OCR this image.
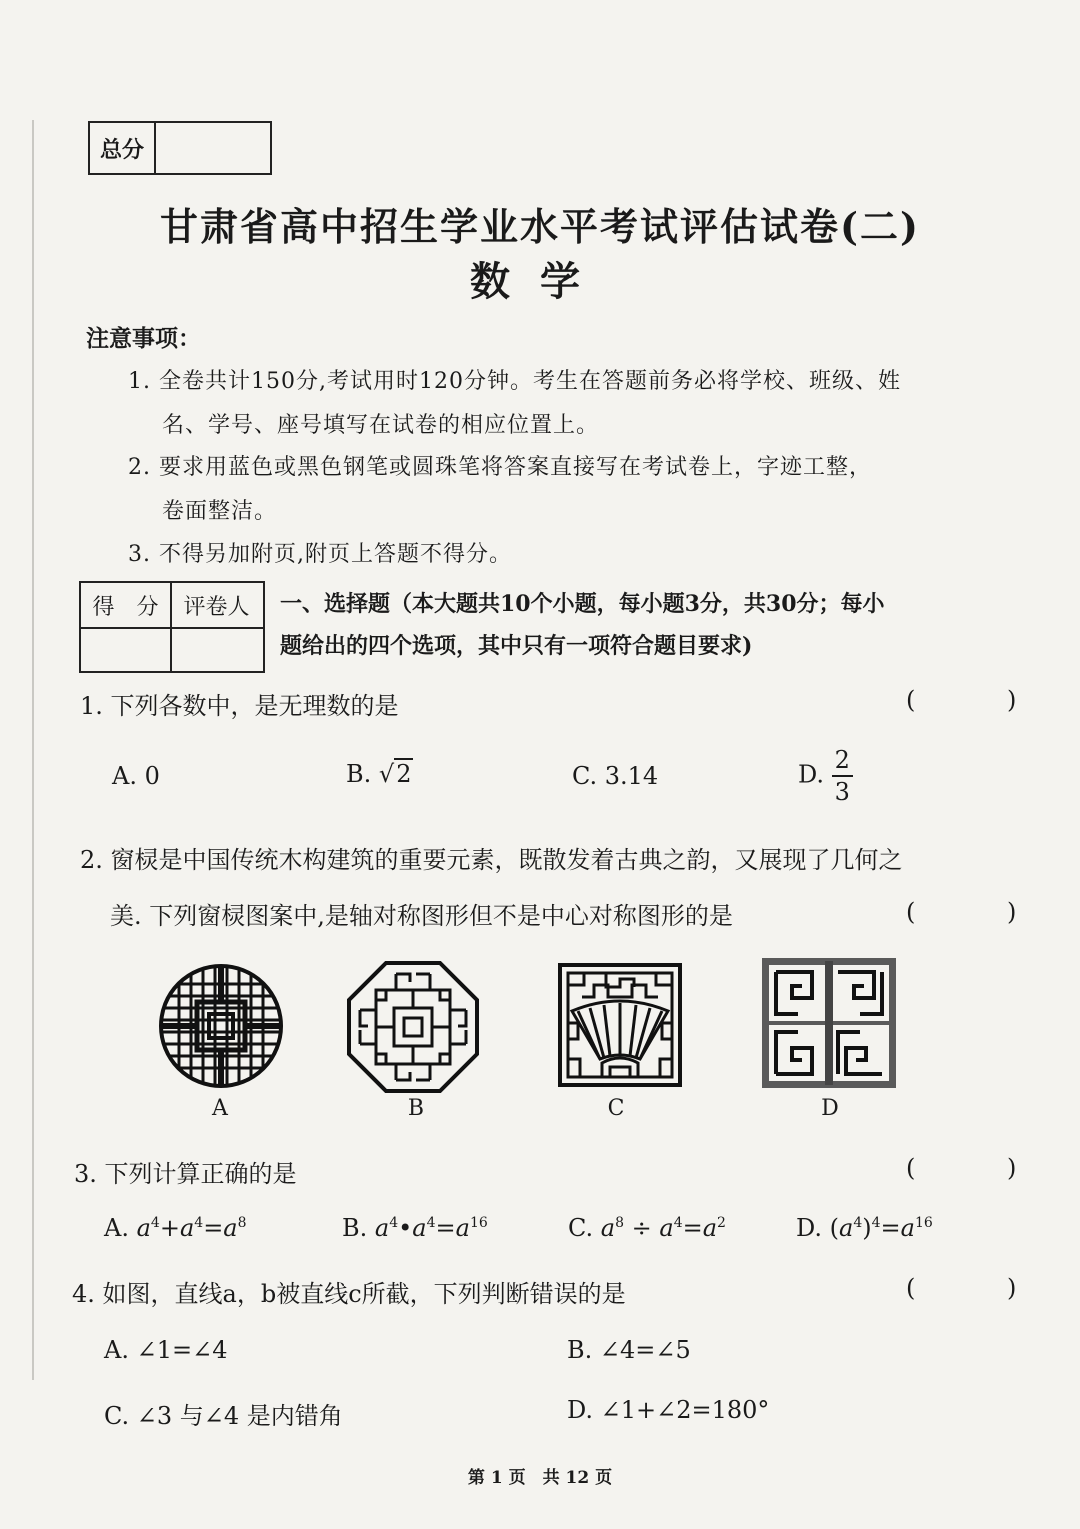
总分
甘肃省高中招生学业水平考试评估试卷(二)
数学
注意事项：
1. 全卷共计150分,考试用时120分钟。考生在答题前务必将学校、班级、姓
名、学号、座号填写在试卷的相应位置上。
2. 要求用蓝色或黑色钢笔或圆珠笔将答案直接写在考试卷上，字迹工整，
卷面整洁。
3. 不得另加附页,附页上答题不得分。
得　分	评卷人	一、选择题（本大题共10个小题，每小题3分，共30分；每小
题给出的四个选项，其中只有一项符合题目要求)
1. 下列各数中，是无理数的是	( )
A. 0	B. √2	C. 3.14	D. $\frac{2}{3}$
2. 窗棂是中国传统木构建筑的重要元素，既散发着古典之韵，又展现了几何之
美. 下列窗棂图案中,是轴对称图形但不是中心对称图形的是	( )
A	B	C	D
3. 下列计算正确的是	( )
A. $a^4+a^4=a^8$	B. $a^4•a^4=a^{16}$	C. $a^8 \div a^4=a^2$	D. $(a^4)^4=a^{16}$
4. 如图，直线a，b被直线c所截，下列判断错误的是	( )
A. ∠1=∠4	B. ∠4=∠5
C. ∠3 与∠4 是内错角	D. ∠1+∠2=180°
第 1 页　共 12 页
